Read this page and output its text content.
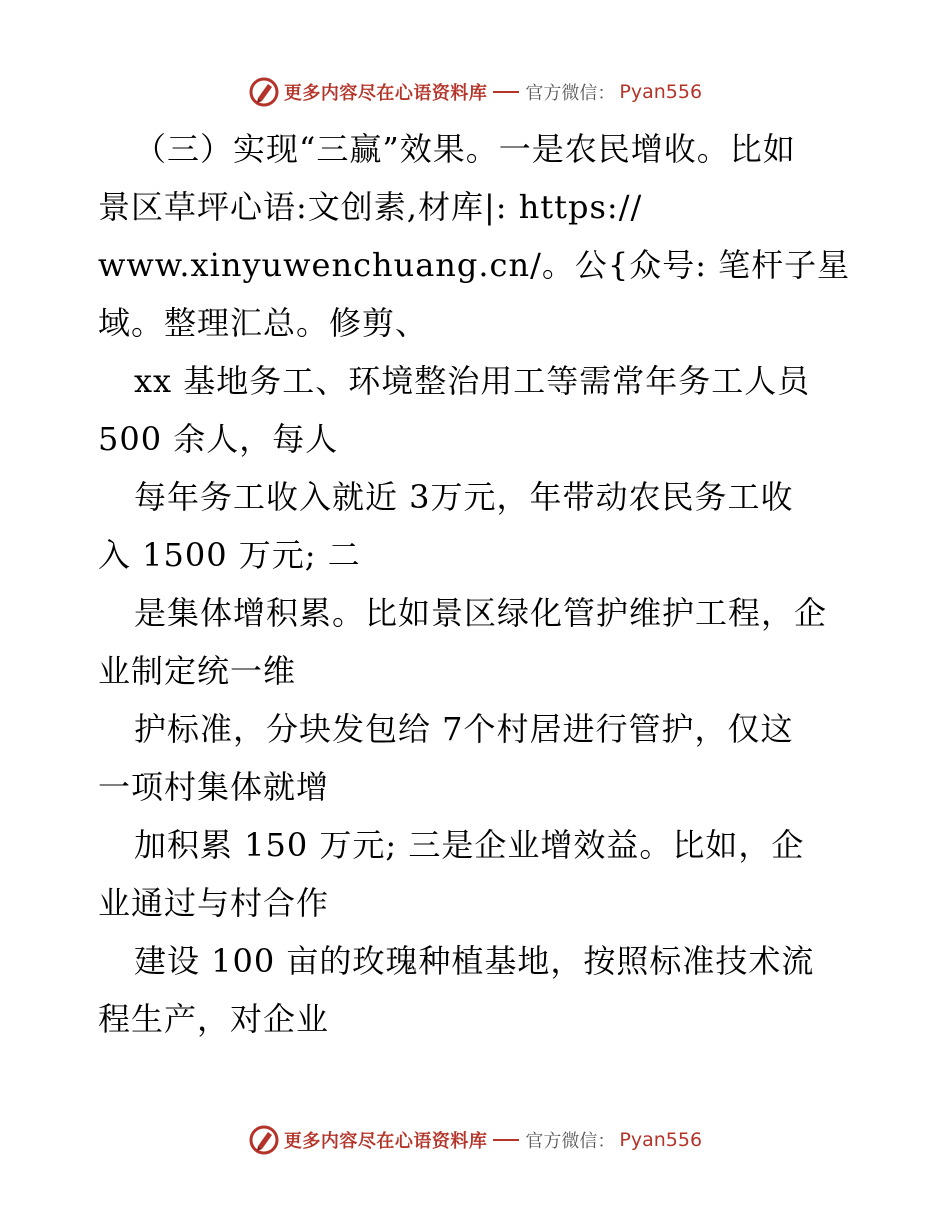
更多内容尽在心语资料库 官方微信： Pyan556
（三）实现“三赢”效果。一是农民增收。比如
景区草坪心语:文创素,材库|: https://
www.xinyuwenchuang.cn/。公{众号: 笔杆子星
域。整理汇总。修剪、
xx 基地务工、环境整治用工等需常年务工人员
500 余人，每人
每年务工收入就近 3万元，年带动农民务工收
入 1500 万元; 二
是集体增积累。比如景区绿化管护维护工程，企
业制定统一维
护标准，分块发包给 7个村居进行管护，仅这
一项村集体就增
加积累 150 万元; 三是企业增效益。比如，企
业通过与村合作
建设 100 亩的玫瑰种植基地，按照标准技术流
程生产，对企业
更多内容尽在心语资料库 官方微信： Pyan556
